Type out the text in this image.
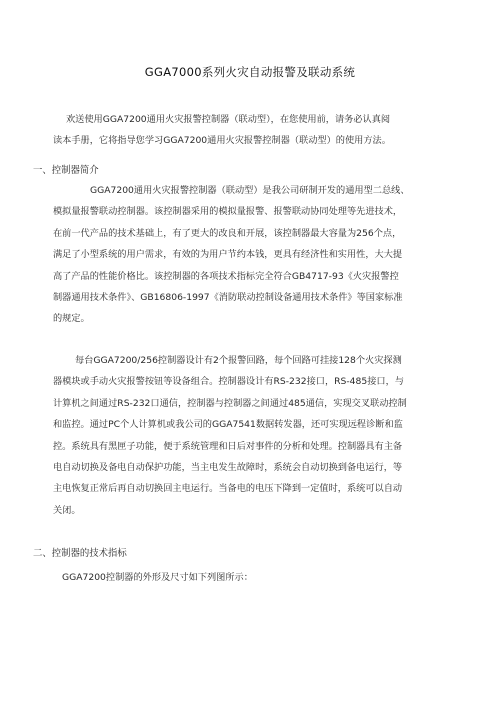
GGA7000系列火灾自动报警及联动系统
欢送使用GGA7200通用火灾报警控制器（联动型），在您使用前，请务必认真阅
读本手册，它将指导您学习GGA7200通用火灾报警控制器（联动型）的使用方法。
一、控制器简介
GGA7200通用火灾报警控制器（联动型）是我公司研制开发的通用型二总线、
模拟量报警联动控制器。该控制器采用的模拟量报警、报警联动协同处理等先进技术，
在前一代产品的技术基础上，有了更大的改良和开展，该控制器最大容量为256个点，
满足了小型系统的用户需求，有效的为用户节约本钱，更具有经济性和实用性，大大提
高了产品的性能价格比。该控制器的各项技术指标完全符合GB4717-93《火灾报警控
制器通用技术条件》、GB16806-1997《消防联动控制设备通用技术条件》等国家标准
的规定。
每台GGA7200/256控制器设计有2个报警回路，每个回路可挂接128个火灾探测
器模块或手动火灾报警按钮等设备组合。控制器设计有RS-232接口，RS-485接口，与
计算机之间通过RS-232口通信，控制器与控制器之间通过485通信，实现交叉联动控制
和监控。通过PC个人计算机或我公司的GGA7541数据转发器，还可实现远程诊断和监
控。系统具有黑匣子功能，便于系统管理和日后对事件的分析和处理。控制器具有主备
电自动切换及备电自动保护功能，当主电发生故障时，系统会自动切换到备电运行，等
主电恢复正常后再自动切换回主电运行。当备电的电压下降到一定值时，系统可以自动
关闭。
二、控制器的技术指标
GGA7200控制器的外形及尺寸如下列图所示：
